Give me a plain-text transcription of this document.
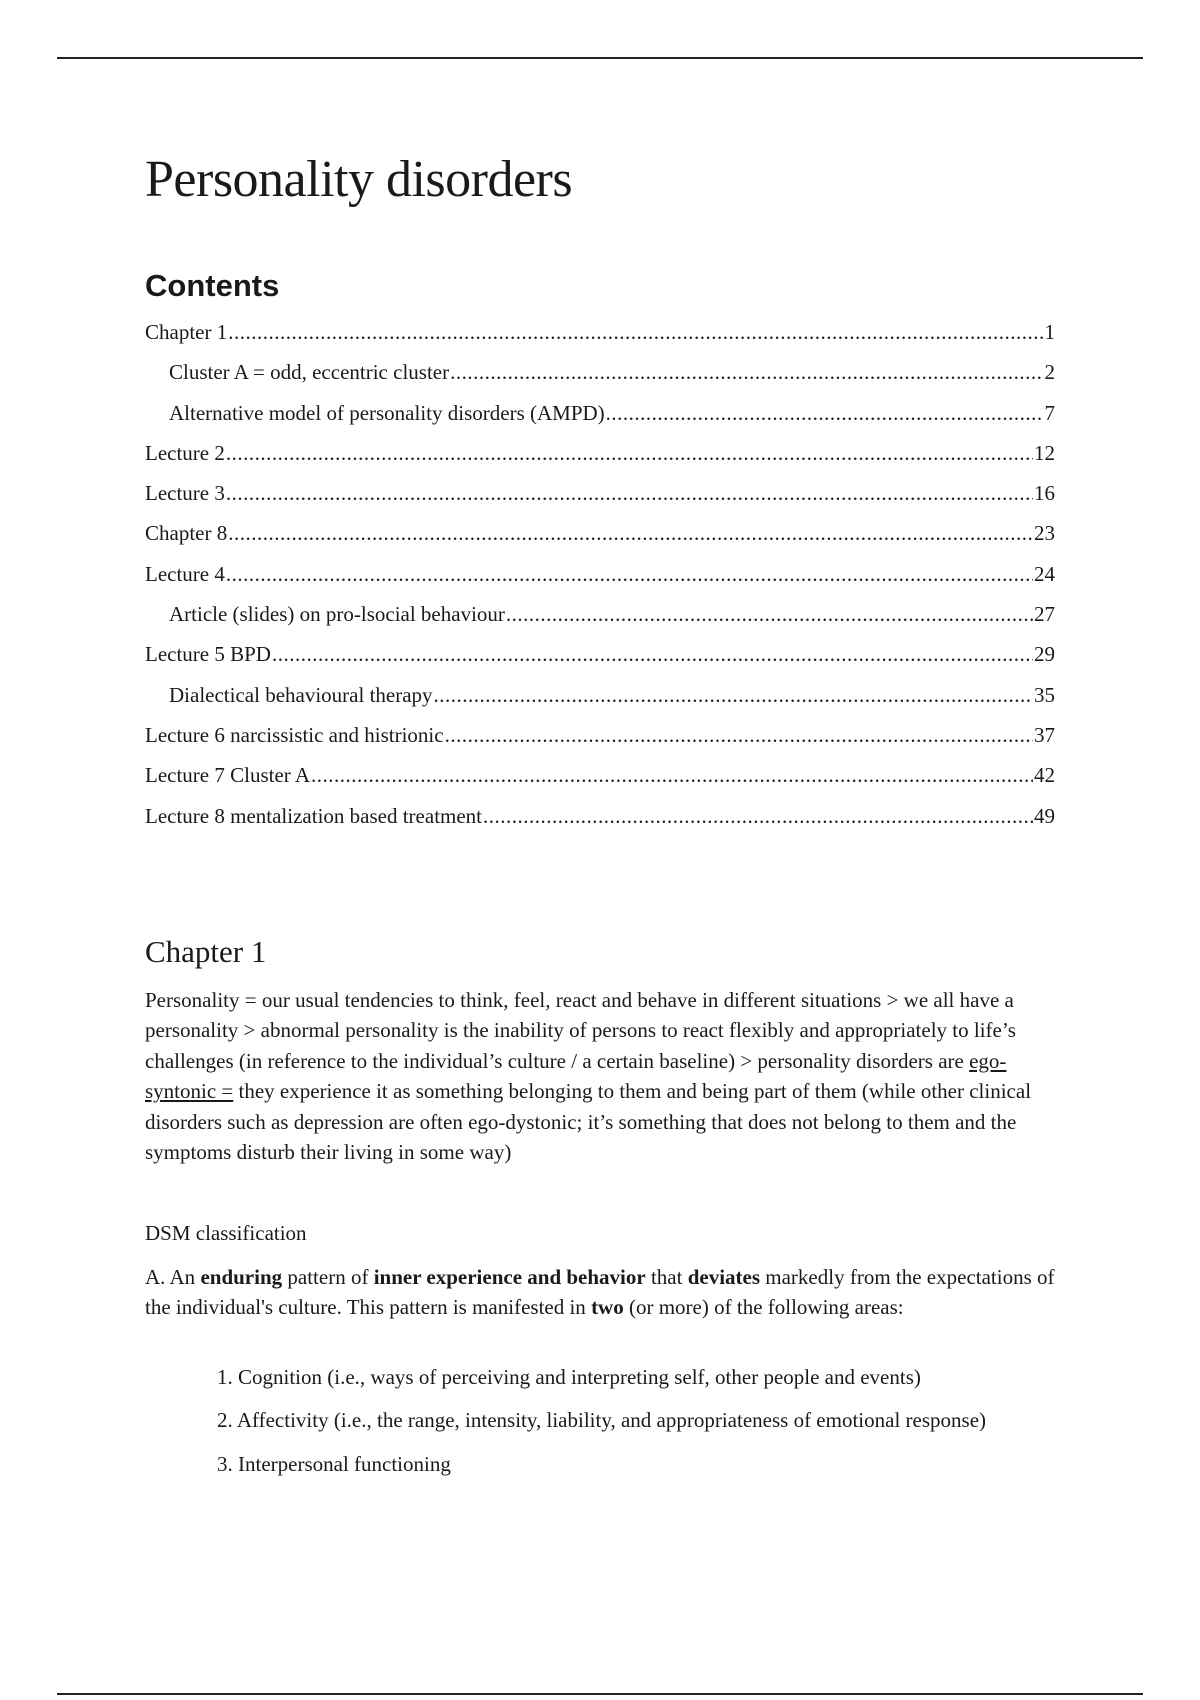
Personality disorders
Contents
Chapter 1 .....	1
Cluster A = odd, eccentric cluster .....	2
Alternative model of personality disorders (AMPD) .....	7
Lecture 2 .....	12
Lecture 3 .....	16
Chapter 8 .....	23
Lecture 4 .....	24
Article (slides) on pro-lsocial behaviour .....	27
Lecture 5 BPD .....	29
Dialectical behavioural therapy .....	35
Lecture 6 narcissistic and histrionic .....	37
Lecture 7 Cluster A .....	42
Lecture 8 mentalization based treatment .....	49
Chapter 1

Personality = our usual tendencies to think, feel, react and behave in different situations > we all have a personality > abnormal personality is the inability of persons to react flexibly and appropriately to life’s challenges (in reference to the individual’s culture / a certain baseline) > personality disorders are ego-syntonic = they experience it as something belonging to them and being part of them (while other clinical disorders such as depression are often ego-dystonic; it’s something that does not belong to them and the symptoms disturb their living in some way)

DSM classification

A. An enduring pattern of inner experience and behavior that deviates markedly from the expectations of the individual's culture. This pattern is manifested in two (or more) of the following areas:

1. Cognition (i.e., ways of perceiving and interpreting self, other people and events)
2. Affectivity (i.e., the range, intensity, liability, and appropriateness of emotional response)
3. Interpersonal functioning
